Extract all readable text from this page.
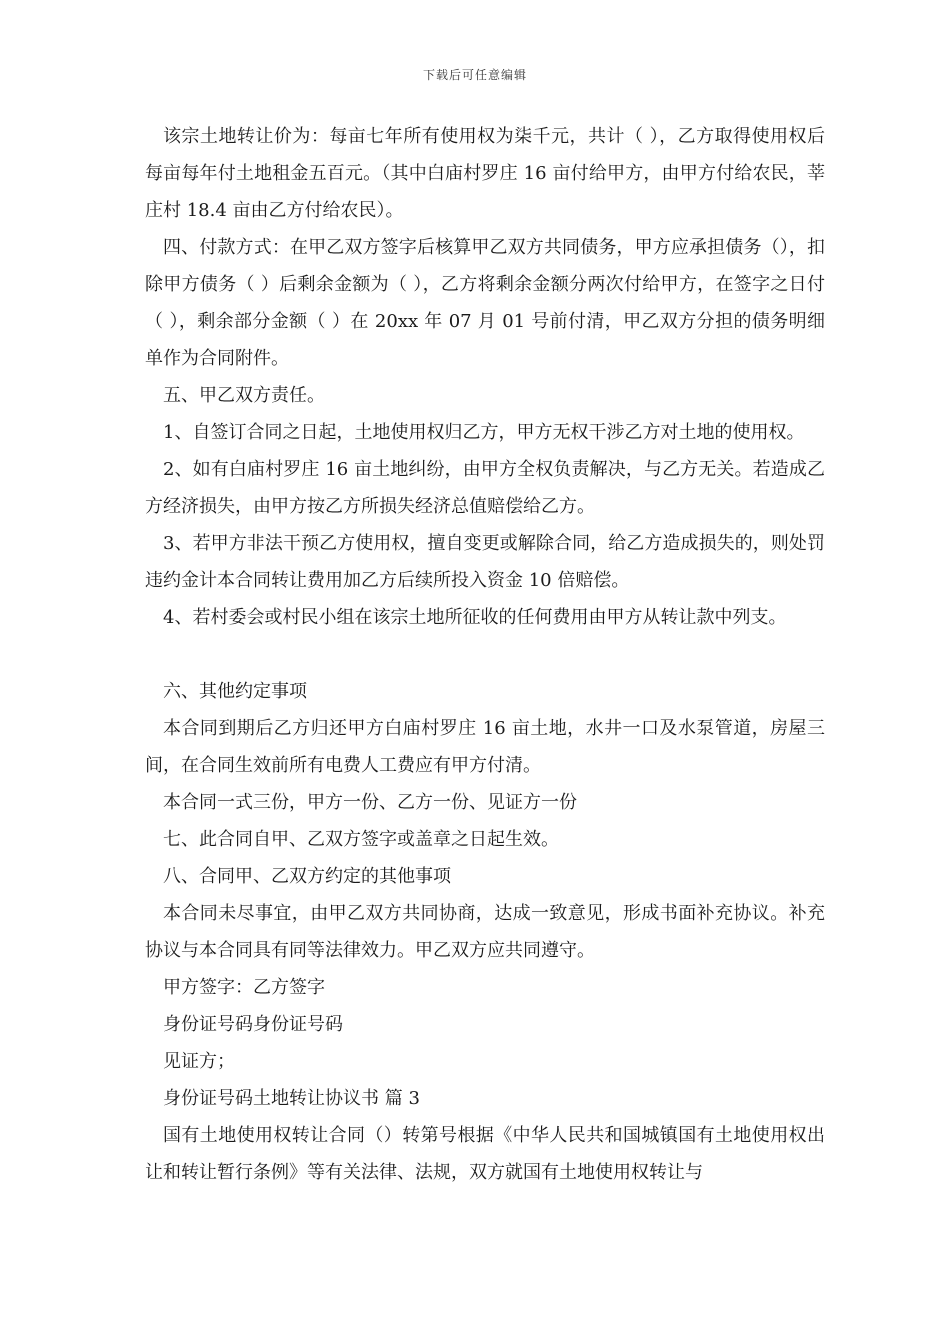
下载后可任意编辑

该宗土地转让价为：每亩七年所有使用权为柒千元，共计（ ），乙方取得使用权后每亩每年付土地租金五百元。（其中白庙村罗庄 16 亩付给甲方，由甲方付给农民，莘庄村 18.4 亩由乙方付给农民）。

四、付款方式：在甲乙双方签字后核算甲乙双方共同债务，甲方应承担债务（），扣除甲方债务（ ）后剩余金额为（ ），乙方将剩余金额分两次付给甲方，在签字之日付（ ），剩余部分金额（ ）在 20xx 年 07 月 01 号前付清，甲乙双方分担的债务明细单作为合同附件。

五、甲乙双方责任。

1、自签订合同之日起，土地使用权归乙方，甲方无权干涉乙方对土地的使用权。

2、如有白庙村罗庄 16 亩土地纠纷，由甲方全权负责解决，与乙方无关。若造成乙方经济损失，由甲方按乙方所损失经济总值赔偿给乙方。

3、若甲方非法干预乙方使用权，擅自变更或解除合同，给乙方造成损失的，则处罚违约金计本合同转让费用加乙方后续所投入资金 10 倍赔偿。

4、若村委会或村民小组在该宗土地所征收的任何费用由甲方从转让款中列支。

六、其他约定事项

本合同到期后乙方归还甲方白庙村罗庄 16 亩土地，水井一口及水泵管道，房屋三间，在合同生效前所有电费人工费应有甲方付清。

本合同一式三份，甲方一份、乙方一份、见证方一份

七、此合同自甲、乙双方签字或盖章之日起生效。

八、合同甲、乙双方约定的其他事项

本合同未尽事宜，由甲乙双方共同协商，达成一致意见，形成书面补充协议。补充协议与本合同具有同等法律效力。甲乙双方应共同遵守。

甲方签字：乙方签字

身份证号码身份证号码

见证方；

身份证号码土地转让协议书 篇 3

国有土地使用权转让合同（）转第号根据《中华人民共和国城镇国有土地使用权出让和转让暂行条例》等有关法律、法规，双方就国有土地使用权转让与
